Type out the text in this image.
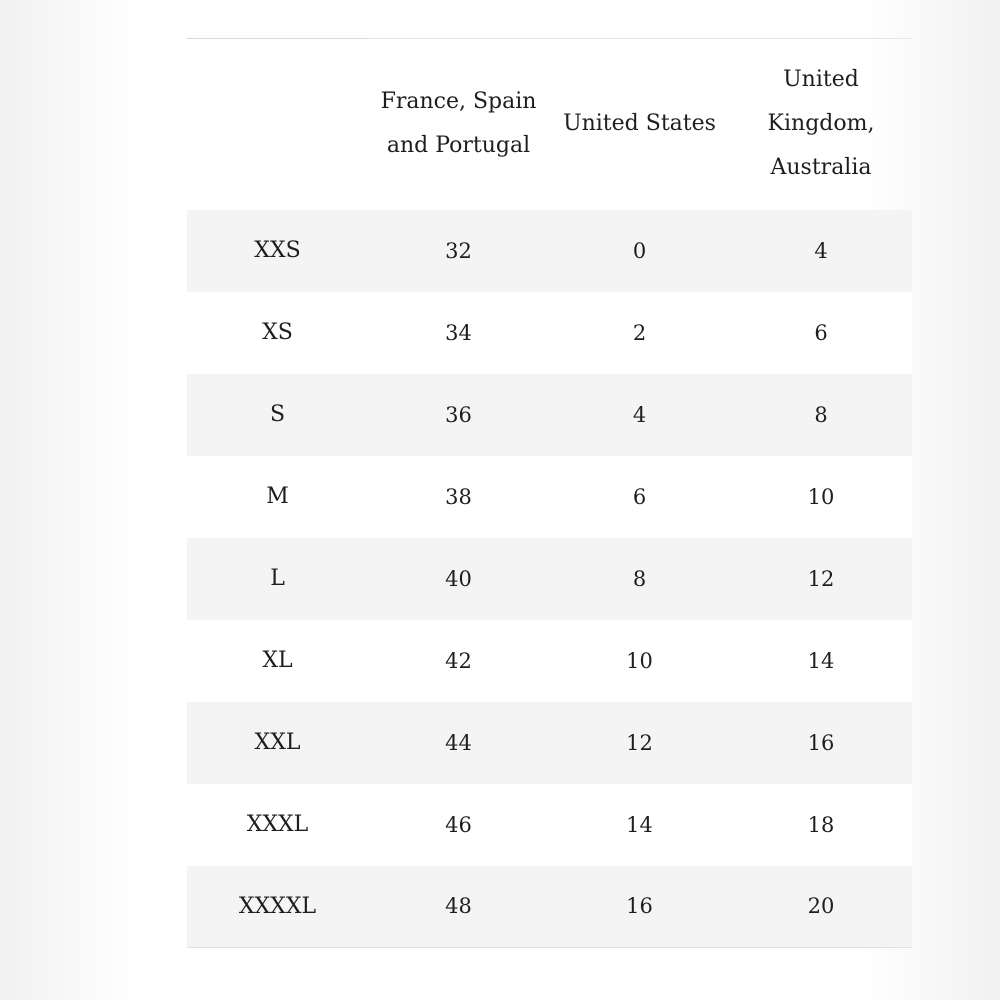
	France, Spain and Portugal	United States	United Kingdom, Australia
XXS	32	0	4
XS	34	2	6
S	36	4	8
M	38	6	10
L	40	8	12
XL	42	10	14
XXL	44	12	16
XXXL	46	14	18
XXXXL	48	16	20
